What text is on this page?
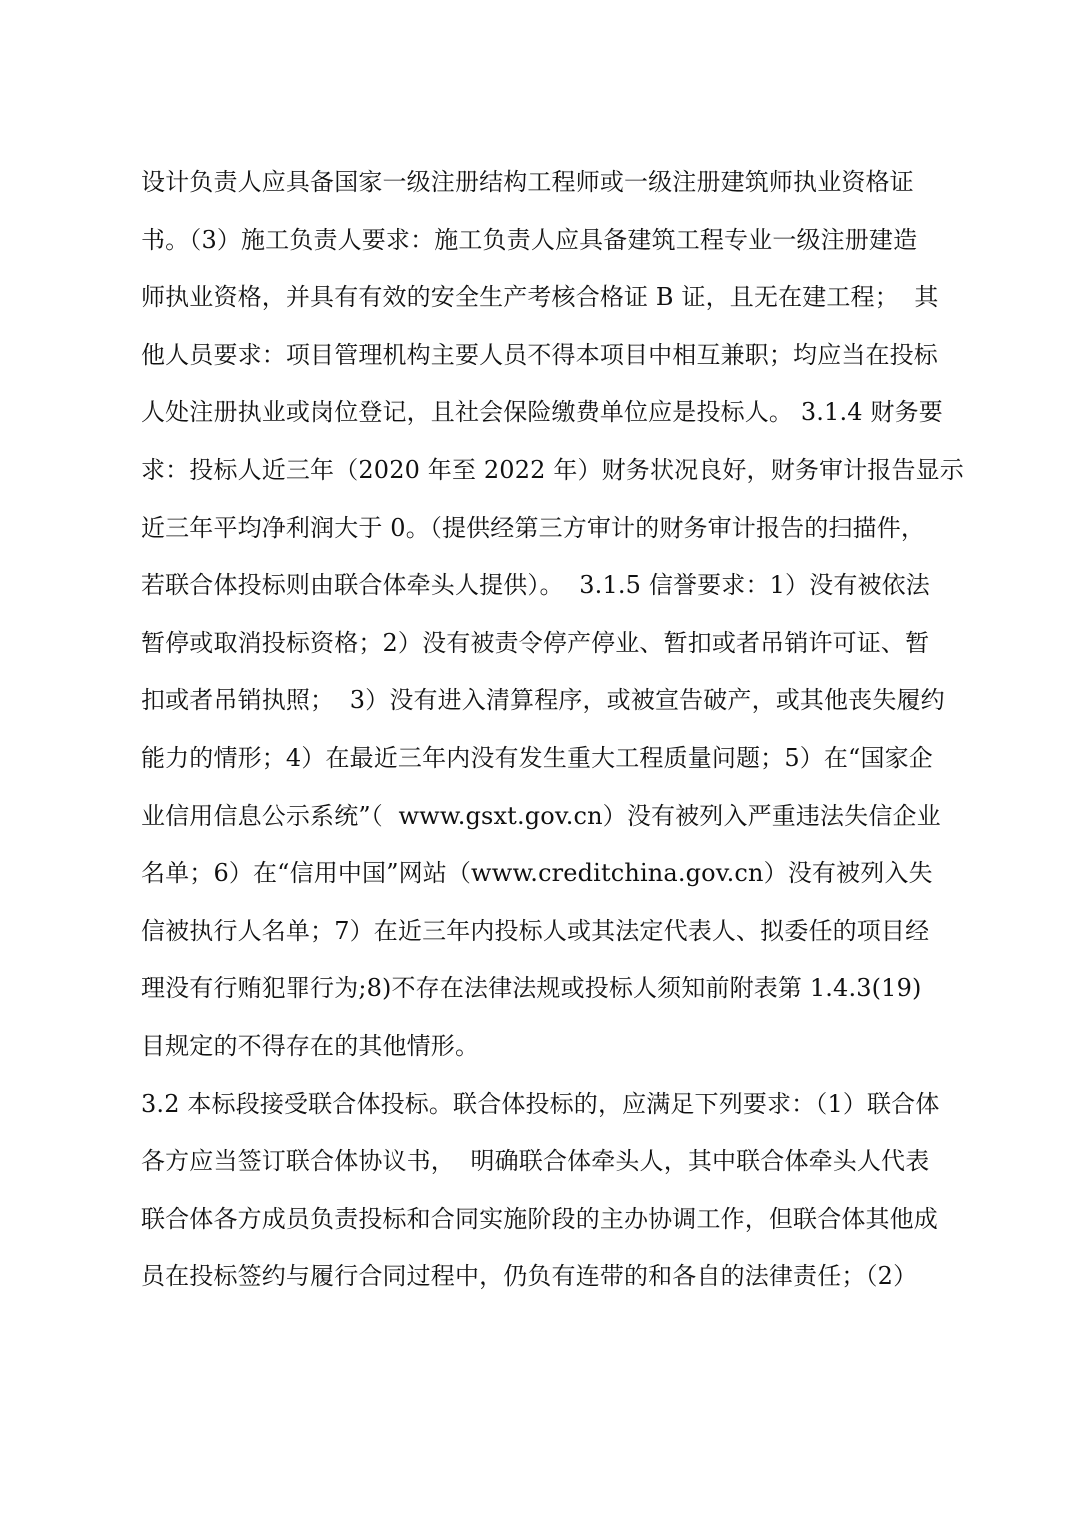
设计负责人应具备国家一级注册结构工程师或一级注册建筑师执业资格证
书。（3）施工负责人要求：施工负责人应具备建筑工程专业一级注册建造
师执业资格，并具有有效的安全生产考核合格证 B 证，且无在建工程；  其
他人员要求：项目管理机构主要人员不得本项目中相互兼职；均应当在投标
人处注册执业或岗位登记，且社会保险缴费单位应是投标人。 3.1.4 财务要
求：投标人近三年（2020 年至 2022 年）财务状况良好，财务审计报告显示
近三年平均净利润大于 0。（提供经第三方审计的财务审计报告的扫描件，
若联合体投标则由联合体牵头人提供）。  3.1.5 信誉要求：1）没有被依法
暂停或取消投标资格；2）没有被责令停产停业、暂扣或者吊销许可证、暂
扣或者吊销执照；  3）没有进入清算程序，或被宣告破产，或其他丧失履约
能力的情形；4）在最近三年内没有发生重大工程质量问题；5）在“国家企
业信用信息公示系统”（  www.gsxt.gov.cn）没有被列入严重违法失信企业
名单；6）在“信用中国”网站（www.creditchina.gov.cn）没有被列入失
信被执行人名单；7）在近三年内投标人或其法定代表人、拟委任的项目经
理没有行贿犯罪行为;8)不存在法律法规或投标人须知前附表第 1.4.3(19)
目规定的不得存在的其他情形。
3.2 本标段接受联合体投标。联合体投标的，应满足下列要求：（1）联合体
各方应当签订联合体协议书，  明确联合体牵头人，其中联合体牵头人代表
联合体各方成员负责投标和合同实施阶段的主办协调工作，但联合体其他成
员在投标签约与履行合同过程中，仍负有连带的和各自的法律责任；（2）
